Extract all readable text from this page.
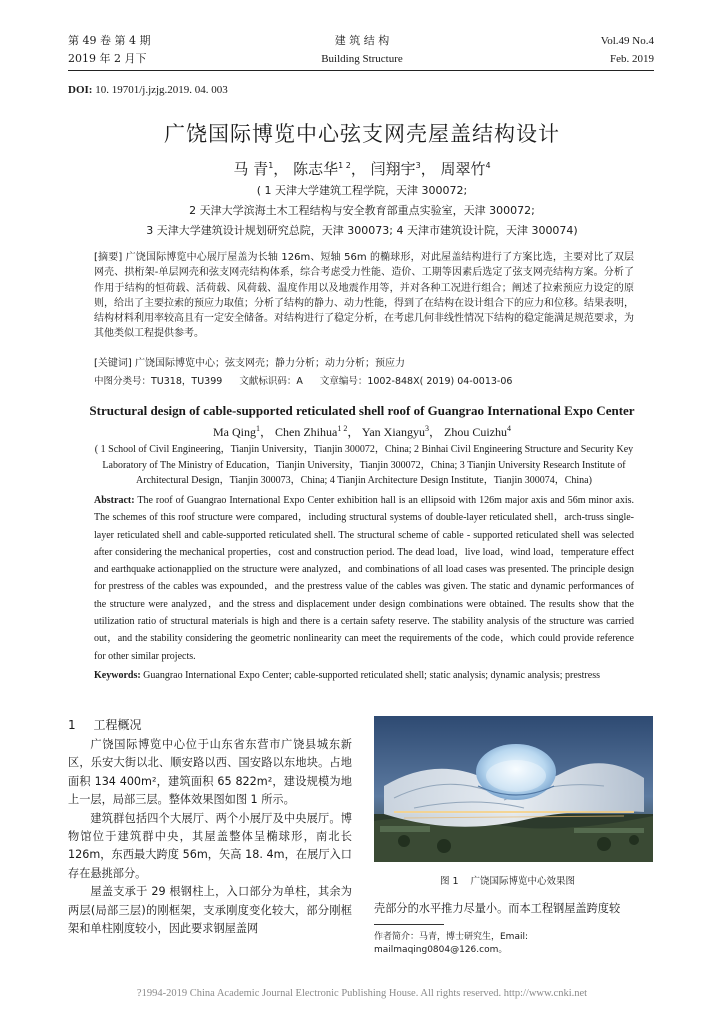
第 49 卷 第 4 期
2019 年 2 月下
建 筑 结 构
Building Structure
Vol.49 No.4
Feb. 2019
DOI: 10. 19701/j.jzjg.2019. 04. 003
广饶国际博览中心弦支网壳屋盖结构设计
马 青$^1$， 陈志华$^{1 2}$， 闫翔宇$^3$， 周翠竹$^4$
( 1 天津大学建筑工程学院，天津 300072;
2 天津大学滨海土木工程结构与安全教育部重点实验室，天津 300072;
3 天津大学建筑设计规划研究总院，天津 300073; 4 天津市建筑设计院，天津 300074)
[摘要] 广饶国际博览中心展厅屋盖为长轴 126m、短轴 56m 的椭球形，对此屋盖结构进行了方案比选，主要对比了双层网壳、拱桁架-单层网壳和弦支网壳结构体系，综合考虑受力性能、造价、工期等因素后选定了弦支网壳结构方案。分析了作用于结构的恒荷载、活荷载、风荷载、温度作用以及地震作用等，并对各种工况进行组合；阐述了拉索预应力设定的原则，给出了主要拉索的预应力取值；分析了结构的静力、动力性能，得到了在结构在设计组合下的应力和位移。结果表明，结构材料利用率较高且有一定安全储备。对结构进行了稳定分析，在考虑几何非线性情况下结构的稳定能满足规范要求，为其他类似工程提供参考。
[关键词] 广饶国际博览中心；弦支网壳；静力分析；动力分析；预应力
中图分类号：TU318，TU399 文献标识码：A 文章编号：1002-848X( 2019) 04-0013-06
Structural design of cable-supported reticulated shell roof of Guangrao International Expo Center
Ma Qing$^1$， Chen Zhihua$^{1 2}$， Yan Xiangyu$^3$， Zhou Cuizhu$^4$
( 1 School of Civil Engineering，Tianjin University，Tianjin 300072，China; 2 Binhai Civil Engineering Structure and Security Key Laboratory of The Ministry of Education，Tianjin University，Tianjin 300072，China; 3 Tianjin University Research Institute of Architectural Design，Tianjin 300073，China; 4 Tianjin Architecture Design Institute，Tianjin 300074，China)
Abstract: The roof of Guangrao International Expo Center exhibition hall is an ellipsoid with 126m major axis and 56m minor axis. The schemes of this roof structure were compared，including structural systems of double-layer reticulated shell，arch-truss single-layer reticulated shell and cable-supported reticulated shell. The structural scheme of cable - supported reticulated shell was selected after considering the mechanical properties，cost and construction period. The dead load，live load，wind load，temperature effect and earthquake actionapplied on the structure were analyzed，and combinations of all load cases was presented. The principle design for prestress of the cables was expounded，and the prestress value of the cables was given. The static and dynamic performances of the structure were analyzed，and the stress and displacement under design combinations were obtained. The results show that the utilization ratio of structural materials is high and there is a certain safety reserve. The stability analysis of the structure was carried out，and the stability considering the geometric nonlinearity can meet the requirements of the code，which could provide reference for other similar projects.
Keywords: Guangrao International Expo Center; cable-supported reticulated shell; static analysis; dynamic analysis; prestress
1 工程概况

广饶国际博览中心位于山东省东营市广饶县城东新区，乐安大街以北、顺安路以西、国安路以东地块。占地面积 134 400m²，建筑面积 65 822m²，建设规模为地上一层，局部三层。整体效果图如图 1 所示。

建筑群包括四个大展厅、两个小展厅及中央展厅。博物馆位于建筑群中央，其屋盖整体呈椭球形，南北长 126m，东西最大跨度 56m，矢高 18. 4m，在展厅入口存在悬挑部分。

屋盖支承于 29 根钢柱上，入口部分为单柱，其余为两层(局部三层)的刚框架，支承刚度变化较大，部分刚框架和单柱刚度较小，因此要求钢屋盖网

图 1 广饶国际博览中心效果图
壳部分的水平推力尽量小。而本工程钢屋盖跨度较
作者简介：马青，博士研究生，Email: mailmaqing0804@126.com。
?1994-2019 China Academic Journal Electronic Publishing House. All rights reserved. http://www.cnki.net
